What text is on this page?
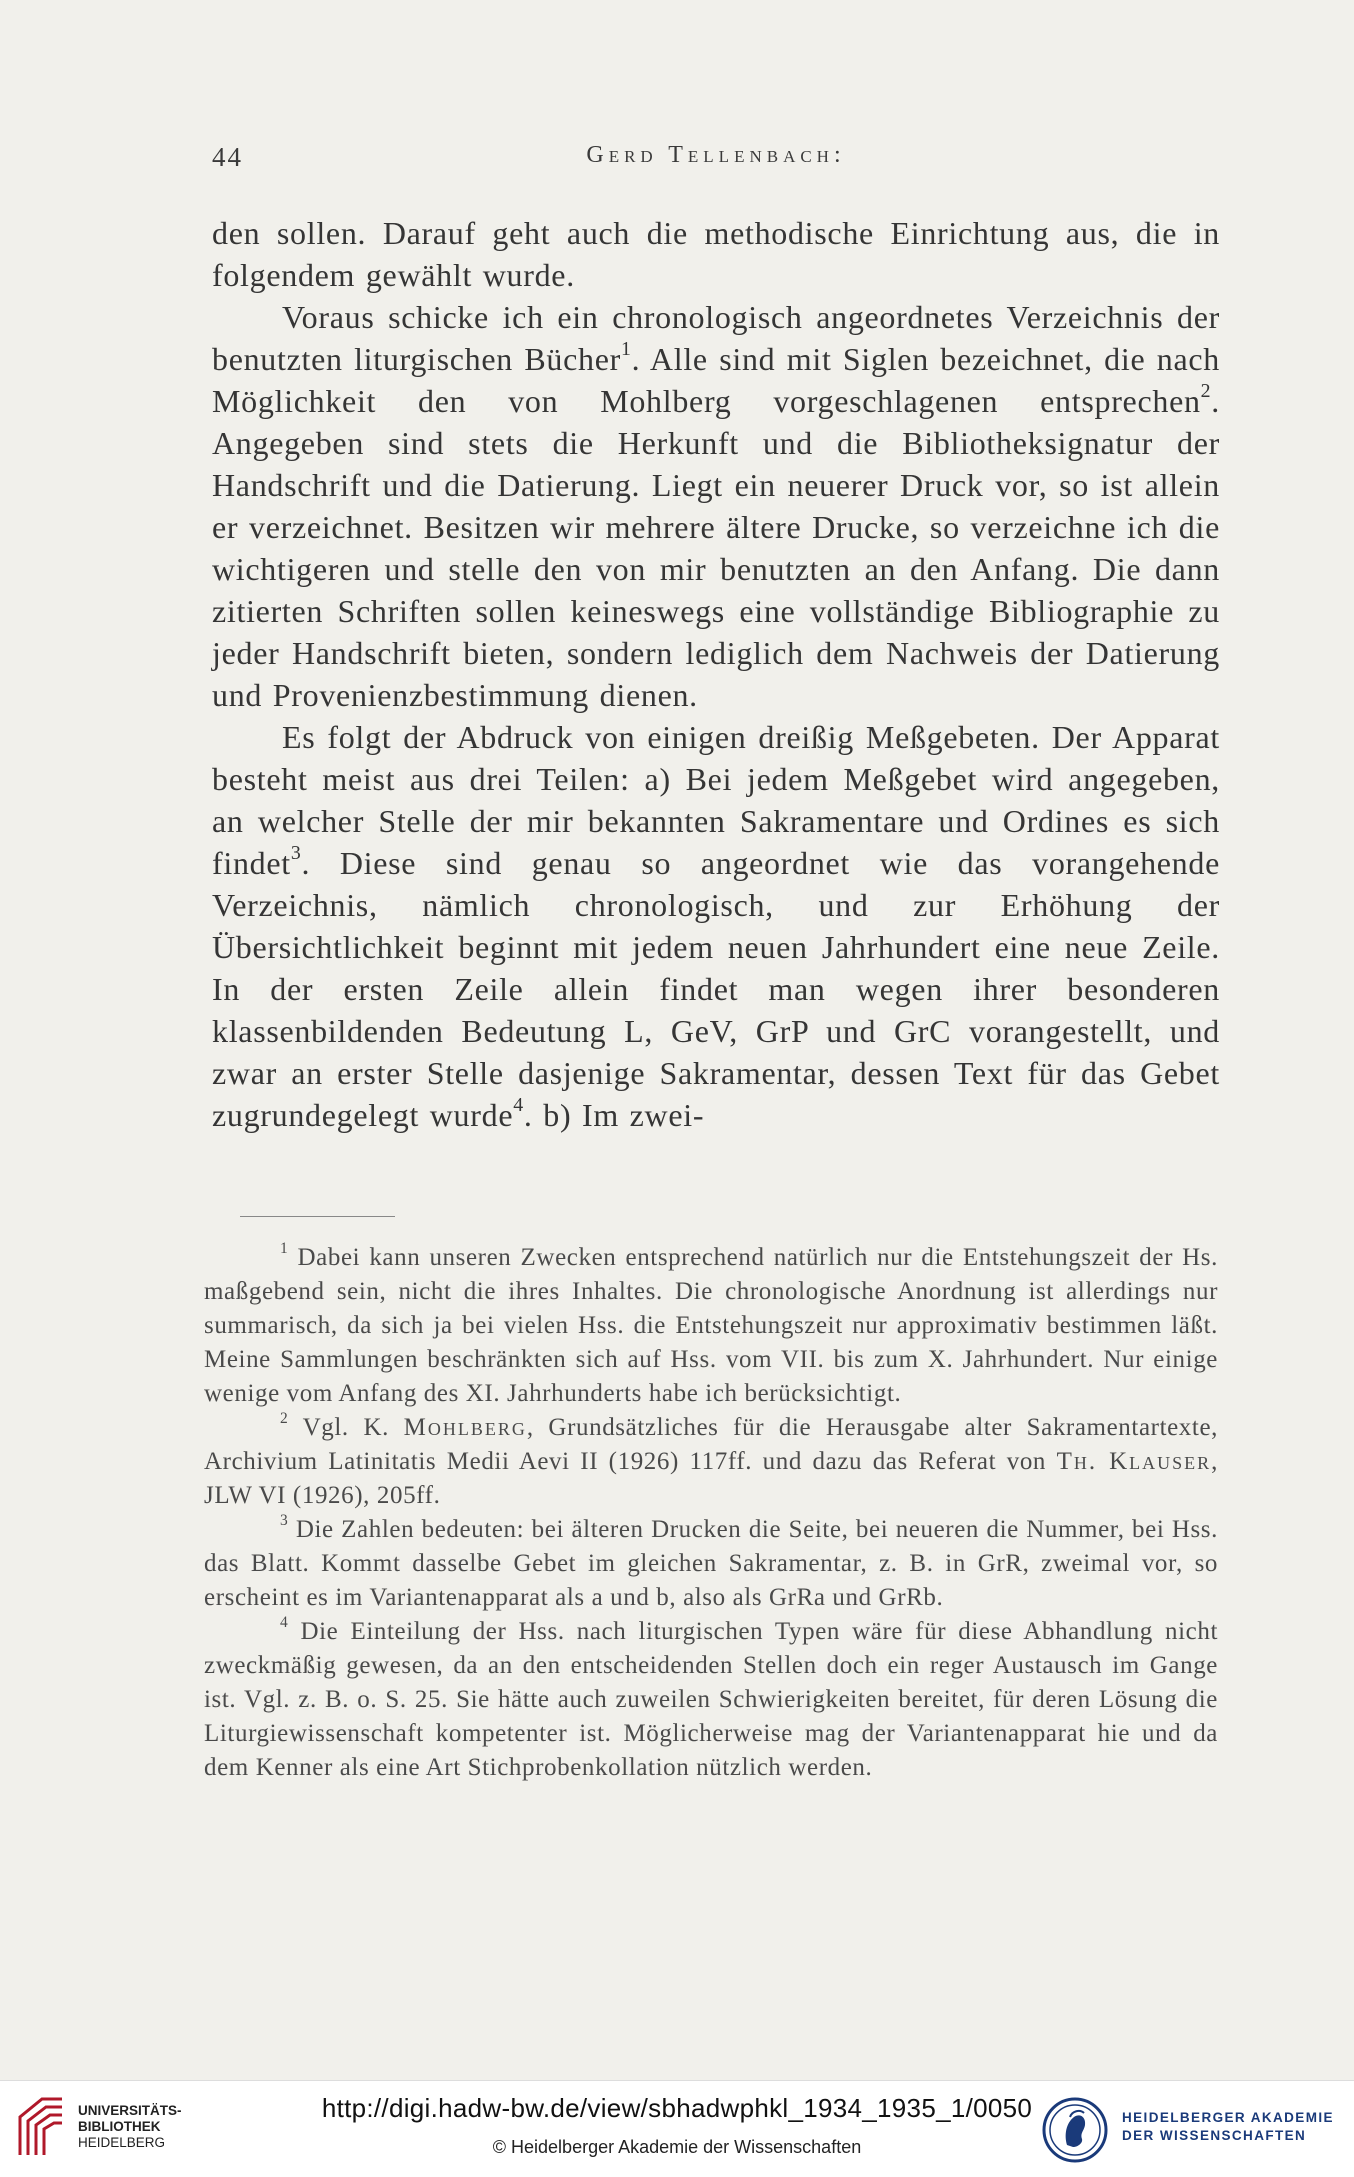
44	Gerd Tellenbach:

den sollen. Darauf geht auch die methodische Einrichtung aus, die in folgendem gewählt wurde.

Voraus schicke ich ein chronologisch angeordnetes Verzeichnis der benutzten liturgischen Bücher$^1$. Alle sind mit Siglen bezeichnet, die nach Möglichkeit den von Mohlberg vorgeschlagenen entsprechen$^2$. Angegeben sind stets die Herkunft und die Bibliotheksignatur der Handschrift und die Datierung. Liegt ein neuerer Druck vor, so ist allein er verzeichnet. Besitzen wir mehrere ältere Drucke, so verzeichne ich die wichtigeren und stelle den von mir benutzten an den Anfang. Die dann zitierten Schriften sollen keineswegs eine vollständige Bibliographie zu jeder Handschrift bieten, sondern lediglich dem Nachweis der Datierung und Provenienzbestimmung dienen.

Es folgt der Abdruck von einigen dreißig Meßgebeten. Der Apparat besteht meist aus drei Teilen: a) Bei jedem Meßgebet wird angegeben, an welcher Stelle der mir bekannten Sakramentare und Ordines es sich findet$^3$. Diese sind genau so angeordnet wie das vorangehende Verzeichnis, nämlich chronologisch, und zur Erhöhung der Übersichtlichkeit beginnt mit jedem neuen Jahrhundert eine neue Zeile. In der ersten Zeile allein findet man wegen ihrer besonderen klassenbildenden Bedeutung L, GeV, GrP und GrC vorangestellt, und zwar an erster Stelle dasjenige Sakramentar, dessen Text für das Gebet zugrundegelegt wurde$^4$. b) Im zwei-

$^1$ Dabei kann unseren Zwecken entsprechend natürlich nur die Entstehungszeit der Hs. maßgebend sein, nicht die ihres Inhaltes. Die chronologische Anordnung ist allerdings nur summarisch, da sich ja bei vielen Hss. die Entstehungszeit nur approximativ bestimmen läßt. Meine Sammlungen beschränkten sich auf Hss. vom VII. bis zum X. Jahrhundert. Nur einige wenige vom Anfang des XI. Jahrhunderts habe ich berücksichtigt.

$^2$ Vgl. K. Mohlberg, Grundsätzliches für die Herausgabe alter Sakramentartexte, Archivium Latinitatis Medii Aevi II (1926) 117ff. und dazu das Referat von Th. Klauser, JLW VI (1926), 205ff.

$^3$ Die Zahlen bedeuten: bei älteren Drucken die Seite, bei neueren die Nummer, bei Hss. das Blatt. Kommt dasselbe Gebet im gleichen Sakramentar, z. B. in GrR, zweimal vor, so erscheint es im Variantenapparat als a und b, also als GrRa und GrRb.

$^4$ Die Einteilung der Hss. nach liturgischen Typen wäre für diese Abhandlung nicht zweckmäßig gewesen, da an den entscheidenden Stellen doch ein reger Austausch im Gange ist. Vgl. z. B. o. S. 25. Sie hätte auch zuweilen Schwierigkeiten bereitet, für deren Lösung die Liturgiewissenschaft kompetenter ist. Möglicherweise mag der Variantenapparat hie und da dem Kenner als eine Art Stichprobenkollation nützlich werden.

UNIVERSITÄTS-
BIBLIOTHEK
HEIDELBERG
http://digi.hadw-bw.de/view/sbhadwphkl_1934_1935_1/0050
© Heidelberger Akademie der Wissenschaften
HEIDELBERGER AKADEMIE
DER WISSENSCHAFTEN
